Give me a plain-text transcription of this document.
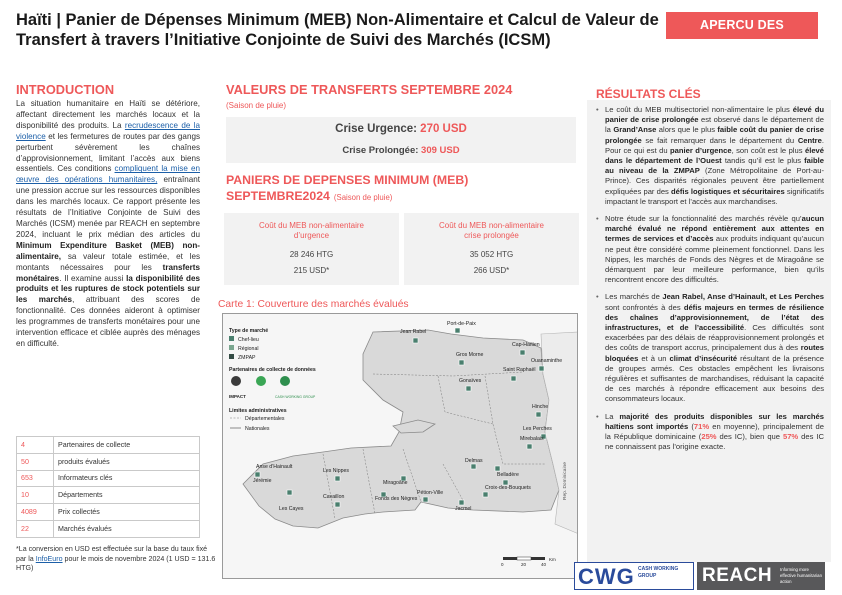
Haïti | Panier de Dépenses Minimum (MEB) Non-Alimentaire et Calcul de Valeur de Transfert à travers l’Initiative Conjointe de Suivi des Marchés (ICSM)
APERCU DES MARCHÉS
INTRODUCTION
La situation humanitaire en Haïti se détériore, affectant directement les marchés locaux et la disponibilité des produits. La recrudescence de la violence et les fermetures de routes par des gangs perturbent sévèrement les chaînes d’approvisionnement, limitant l’accès aux biens essentiels. Ces conditions compliquent la mise en œuvre des opérations humanitaires, entraînant une pression accrue sur les ressources disponibles dans les marchés locaux. Ce rapport présente les résultats de l’Initiative Conjointe de Suivi des Marchés (ICSM) menée par REACH en septembre 2024, incluant le prix médian des articles du Minimum Expenditure Basket (MEB) non-alimentaire, sa valeur totale estimée, et les montants nécessaires pour les transferts monétaires. Il examine aussi la disponibilité des produits et les ruptures de stock potentiels sur les marchés, attribuant des scores de fonctionnalité. Ces données aideront à optimiser les programmes de transferts monétaires pour une intervention efficace et ciblée auprès des ménages en difficulté.
4	Partenaires de collecte
50	produits évalués
653	Informateurs clés
10	Départements
4089	Prix collectés
22	Marchés évalués
*La conversion en USD est effectuée sur la base du taux fixé par la InfoEuro pour le mois de novembre 2024 (1 USD = 131.6 HTG)
VALEURS DE TRANSFERTS SEPTEMBRE 2024
(Saison de pluie)
Crise Urgence: 270 USD
Crise Prolongée: 309 USD
PANIERS DE DEPENSES MINIMUM (MEB)
SEPTEMBRE2024 (Saison de pluie)
Coût du MEB non-alimentaire
d’urgence
28 246 HTG
215 USD*
Coût du MEB non-alimentaire
crise prolongée
35 052 HTG
266 USD*
Carte 1: Couverture des marchés évalués
Jean Rabel
Port-de-Paix
Anse d’Hainault
Cap-Haïtien
Gros Morne
Saint Raphaël
Ouanaminthe
Gonaïves
Hinche
Les Perches
Mirebalais
Jérémie	Miragoâne
Les Nippes
Fonds des Nègres
Cavaillon
Les Cayes
Croix-des-Bouquets
Delmas
Pétion-Ville
Jacmel
Belladère	Rep. Dominicaine
Type de marché
Chef-lieu
Régional
ZMPAP
Partenaires de collecte de données
IMPACT	CASH WORKING GROUP
Limites administratives
Départementales
Nationales
0	20	40
Km
RÉSULTATS CLÉS
• Le coût du MEB multisectoriel non-alimentaire le plus élevé du panier de crise prolongée est observé dans le département de la Grand’Anse alors que le plus faible coût du panier de crise prolongée se fait remarquer dans le département du Centre. Pour ce qui est du panier d’urgence, son coût est le plus élevé dans le département de l’Ouest tandis qu’il est le plus faible au niveau de la ZMPAP (Zone Métropolitaine de Port-au-Prince). Ces disparités régionales peuvent être partiellement expliquées par des défis logistiques et sécuritaires significatifs impactant le transport et l’accès aux marchandises.
• Notre étude sur la fonctionnalité des marchés révèle qu’aucun marché évalué ne répond entièrement aux attentes en termes de services et d’accès aux produits indiquant qu’aucun ne peut être considéré comme pleinement fonctionnel. Dans les Nippes, les marchés de Fonds des Nègres et de Miragoâne se démarquent par leur meilleure performance, bien qu’ils rencontrent encore des difficultés.
• Les marchés de Jean Rabel, Anse d’Hainault, et Les Perches sont confrontés à des défis majeurs en termes de résilience des chaînes d’approvisionnement, de l’état des infrastructures, et de l’accessibilité. Ces difficultés sont exacerbées par des délais de réapprovisionnement prolongés et des coûts de transport accrus, principalement dus à des routes bloquées et à un climat d’insécurité résultant de la présence de groupes armés. Ces obstacles empêchent les livraisons régulières et suffisantes de marchandises, réduisant la capacité de ces marchés à répondre efficacement aux besoins des consommateurs locaux.
• La majorité des produits disponibles sur les marchés haïtiens sont importés (71% en moyenne), principalement de la République dominicaine (25% des IC), bien que 57% des IC ne connaissent pas l’origine exacte.
CWG CASH WORKING GROUP	REACH Informing more effective humanitarian action
